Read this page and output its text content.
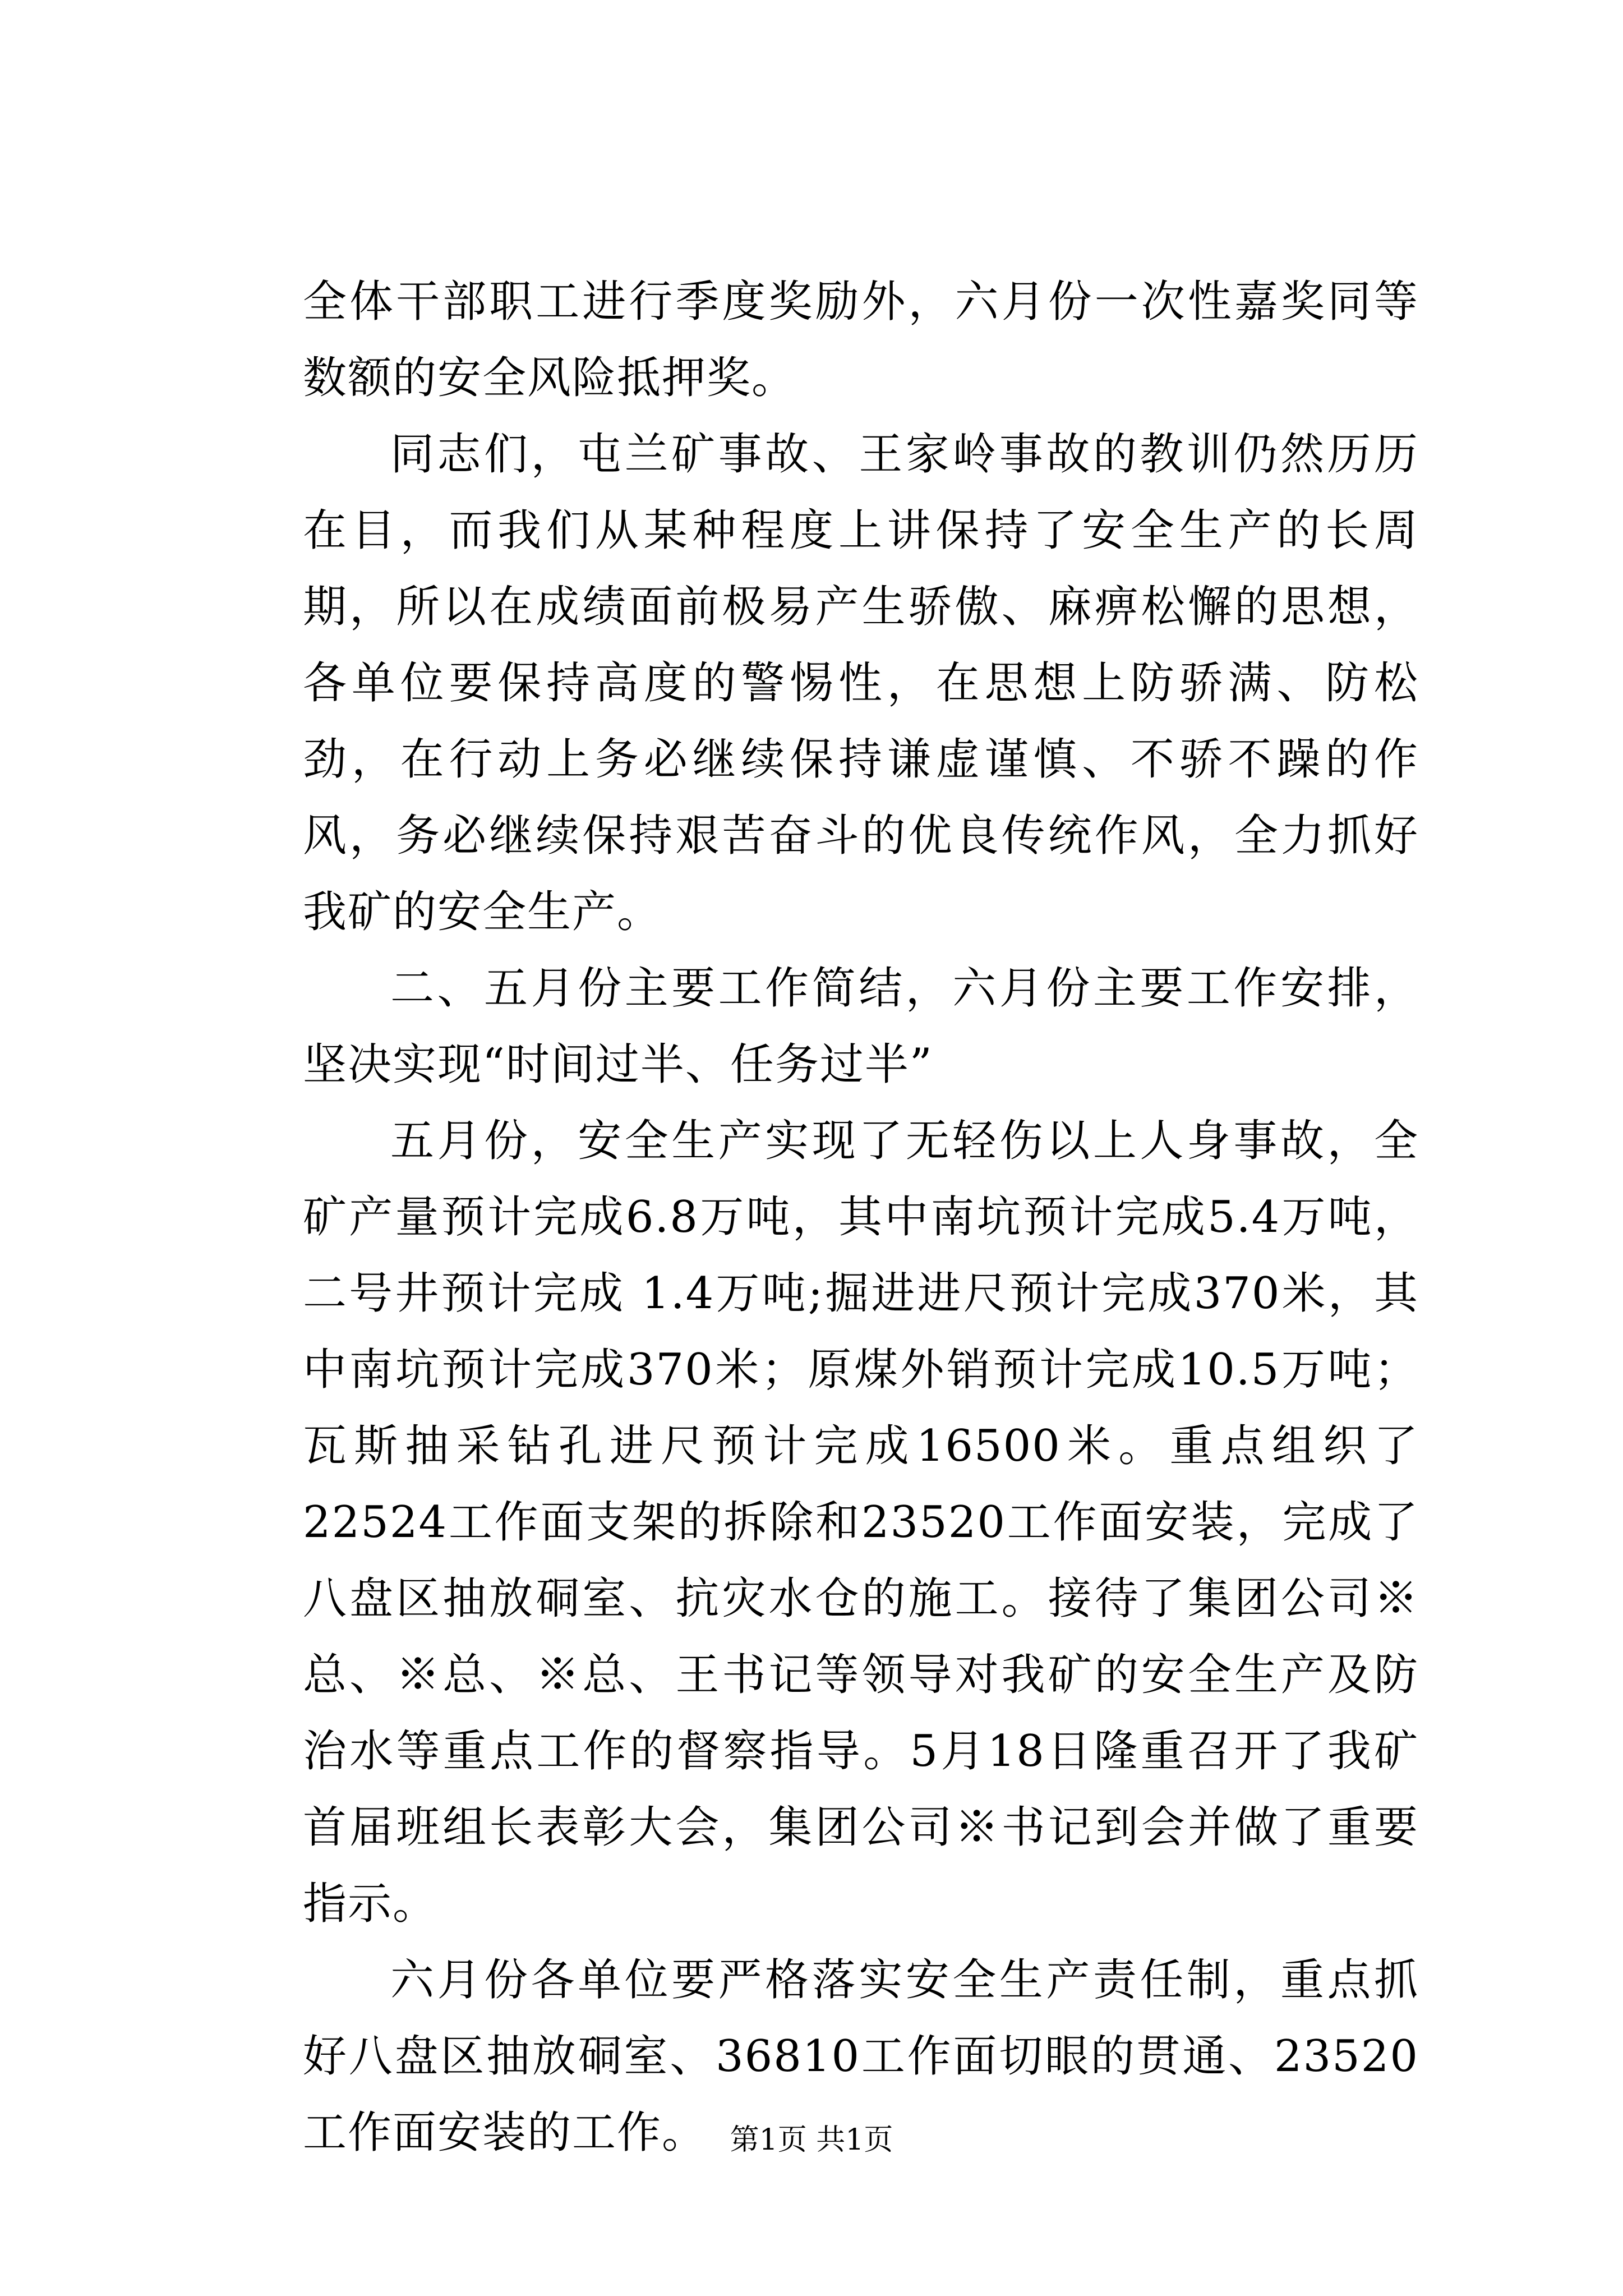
全体干部职工进行季度奖励外，六月份一次性嘉奖同等数额的安全风险抵押奖。

同志们，屯兰矿事故、王家岭事故的教训仍然历历在目，而我们从某种程度上讲保持了安全生产的长周期，所以在成绩面前极易产生骄傲、麻痹松懈的思想，各单位要保持高度的警惕性，在思想上防骄满、防松劲，在行动上务必继续保持谦虚谨慎、不骄不躁的作风，务必继续保持艰苦奋斗的优良传统作风，全力抓好我矿的安全生产。

二、五月份主要工作简结，六月份主要工作安排，坚决实现“时间过半、任务过半”

五月份，安全生产实现了无轻伤以上人身事故，全矿产量预计完成6.8万吨，其中南坑预计完成5.4万吨，二号井预计完成 1.4万吨;掘进进尺预计完成370米，其中南坑预计完成370米；原煤外销预计完成10.5万吨；瓦斯抽采钻孔进尺预计完成16500米。重点组织了22524工作面支架的拆除和23520工作面安装，完成了八盘区抽放硐室、抗灾水仓的施工。接待了集团公司※总、※总、※总、王书记等领导对我矿的安全生产及防治水等重点工作的督察指导。5月18日隆重召开了我矿首届班组长表彰大会，集团公司※书记到会并做了重要指示。

六月份各单位要严格落实安全生产责任制，重点抓好八盘区抽放硐室、36810工作面切眼的贯通、23520工作面安装的工作。 第1页 共1页
